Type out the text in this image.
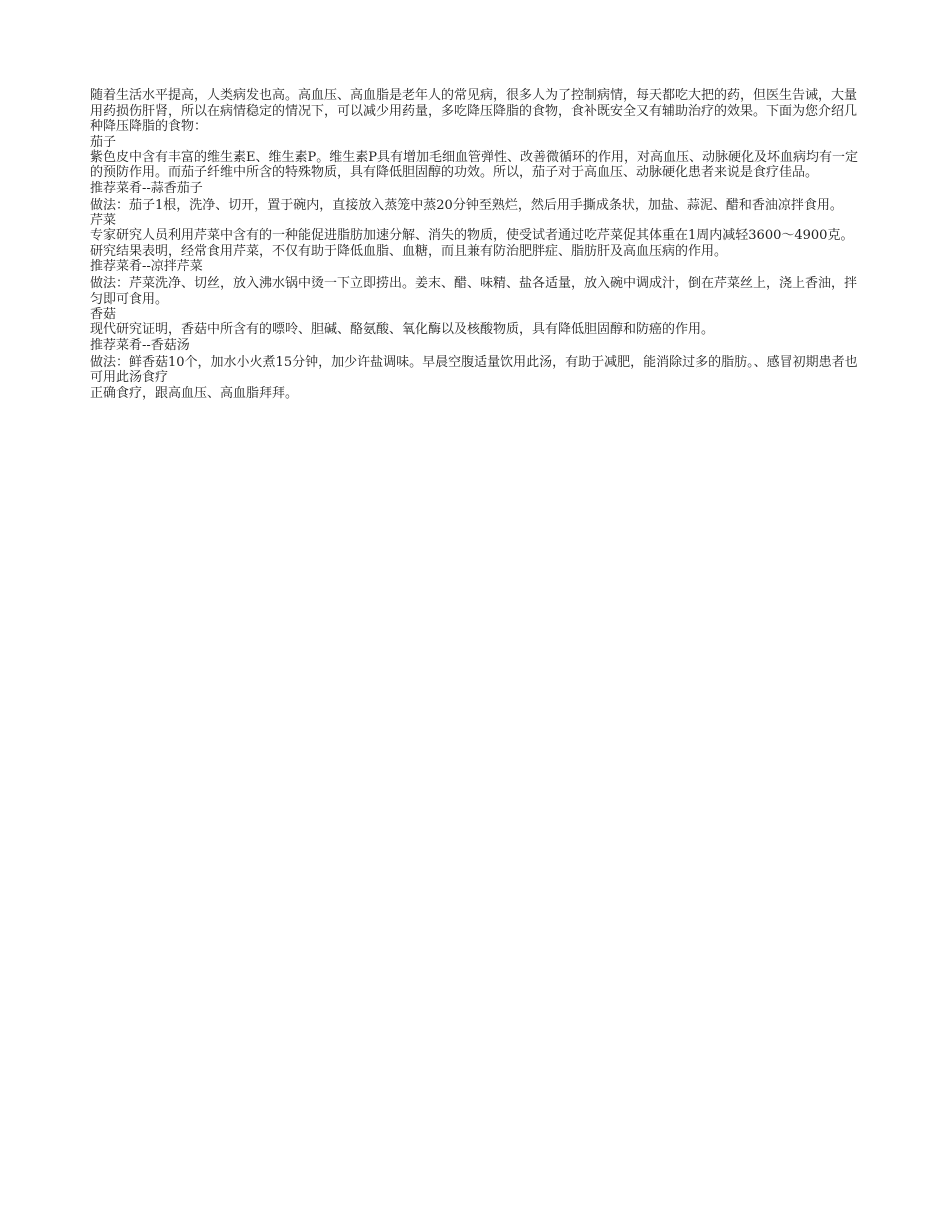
随着生活水平提高，人类病发也高。高血压、高血脂是老年人的常见病，很多人为了控制病情，每天都吃大把的药，但医生告诫，大量用药损伤肝肾，所以在病情稳定的情况下，可以减少用药量，多吃降压降脂的食物，食补既安全又有辅助治疗的效果。下面为您介绍几种降压降脂的食物：

茄子

紫色皮中含有丰富的维生素E、维生素P。维生素P具有增加毛细血管弹性、改善微循环的作用，对高血压、动脉硬化及坏血病均有一定的预防作用。而茄子纤维中所含的特殊物质，具有降低胆固醇的功效。所以，茄子对于高血压、动脉硬化患者来说是食疗佳品。

推荐菜肴--蒜香茄子

做法：茄子1根，洗净、切开，置于碗内，直接放入蒸笼中蒸20分钟至熟烂，然后用手撕成条状，加盐、蒜泥、醋和香油凉拌食用。

芹菜

专家研究人员利用芹菜中含有的一种能促进脂肪加速分解、消失的物质，使受试者通过吃芹菜促其体重在1周内减轻3600～4900克。研究结果表明，经常食用芹菜，不仅有助于降低血脂、血糖，而且兼有防治肥胖症、脂肪肝及高血压病的作用。

推荐菜肴--凉拌芹菜

做法：芹菜洗净、切丝，放入沸水锅中烫一下立即捞出。姜末、醋、味精、盐各适量，放入碗中调成汁，倒在芹菜丝上，浇上香油，拌匀即可食用。

香菇

现代研究证明，香菇中所含有的嘌呤、胆碱、酪氨酸、氧化酶以及核酸物质，具有降低胆固醇和防癌的作用。

推荐菜肴--香菇汤

做法：鲜香菇10个，加水小火煮15分钟，加少许盐调味。早晨空腹适量饮用此汤，有助于减肥，能消除过多的脂肪。、感冒初期患者也可用此汤食疗

正确食疗，跟高血压、高血脂拜拜。
